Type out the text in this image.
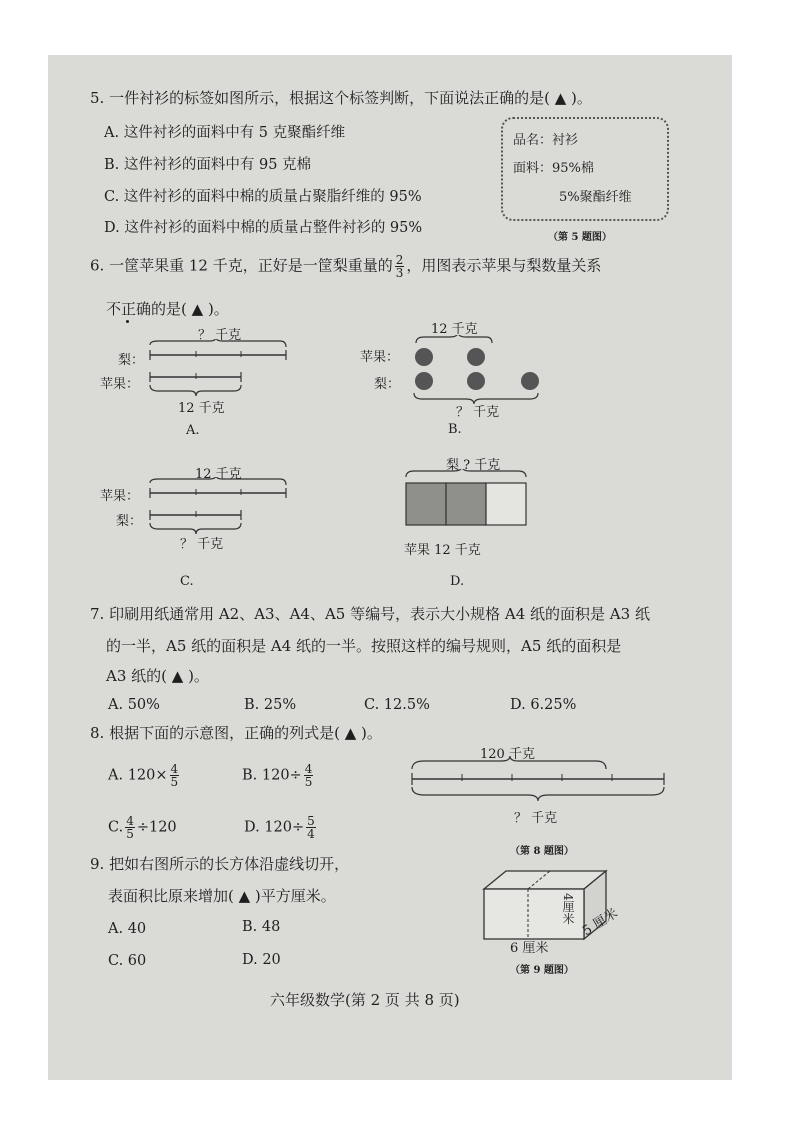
5. 一件衬衫的标签如图所示，根据这个标签判断，下面说法正确的是( ▲ )。
A. 这件衬衫的面料中有 5 克聚酯纤维
B. 这件衬衫的面料中有 95 克棉
C. 这件衬衫的面料中棉的质量占聚脂纤维的 95%
D. 这件衬衫的面料中棉的质量占整件衬衫的 95%
品名：衬衫
面料：95%棉
5%聚酯纤维
（第 5 题图）
6. 一筐苹果重 12 千克，正好是一筐梨重量的 $\frac{2}{3}$ ，用图表示苹果与梨数量关系
不正确的是( ▲ )。
？ 千克
梨：
苹果：
12 千克
A.
12 千克
苹果：
梨：
？ 千克
B.
12 千克
苹果：
梨：
？ 千克
C.
梨 ? 千克
苹果 12 千克
D.
7. 印刷用纸通常用 A2、A3、A4、A5 等编号，表示大小规格 A4 纸的面积是 A3 纸
的一半，A5 纸的面积是 A4 纸的一半。按照这样的编号规则，A5 纸的面积是
A3 纸的( ▲ )。
A. 50%	B. 25%	C. 12.5%	D. 6.25%
8. 根据下面的示意图，正确的列式是( ▲ )。
A. $120\times \frac{4}{5}$	B. $120\div \frac{4}{5}$
C. $\frac{4}{5} \div 120$	D. $120\div \frac{5}{4}$
120 千克
？ 千克
（第 8 题图）
9. 把如右图所示的长方体沿虚线切开，
表面积比原来增加( ▲ )平方厘米。
A. 40	B. 48
C. 60	D. 20
4厘米
6 厘米
5 厘米
（第 9 题图）
六年级数学(第 2 页 共 8 页)
